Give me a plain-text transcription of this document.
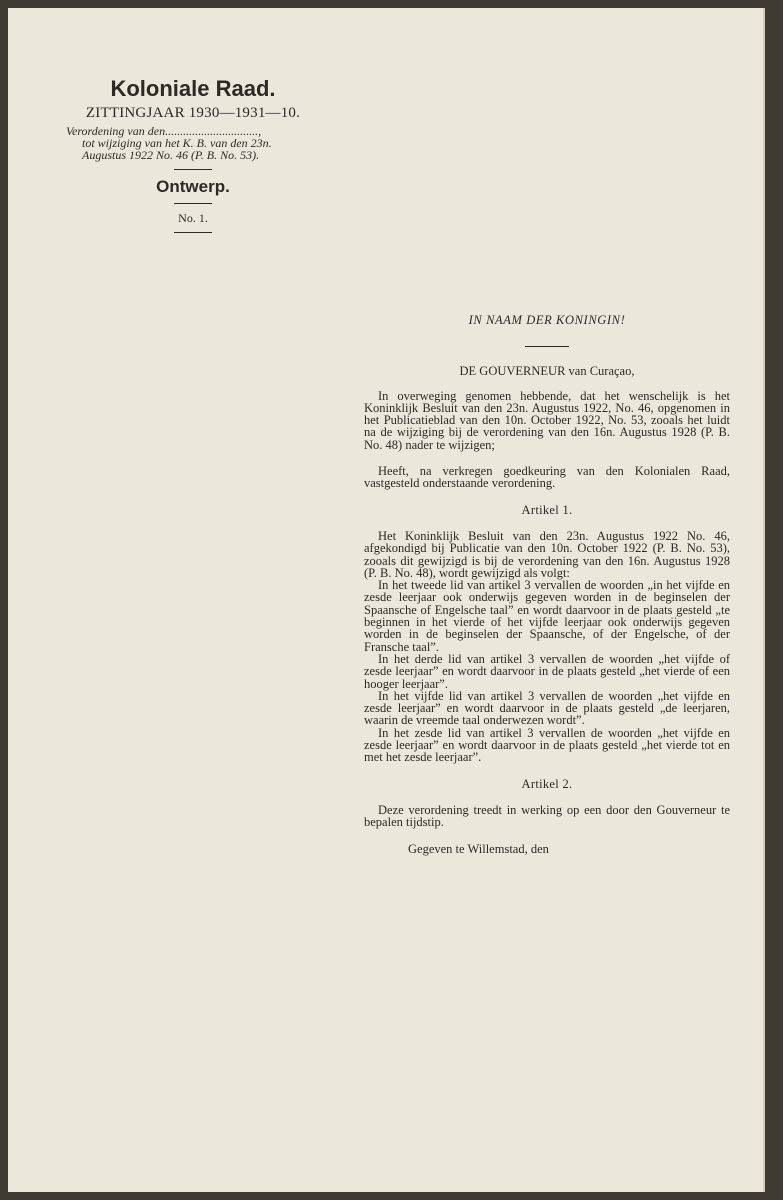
Koloniale Raad.
ZITTINGJAAR 1930—1931—10.
Verordening van den...............................,
tot wijziging van het K. B. van den 23n.
Augustus 1922 No. 46 (P. B. No. 53).
Ontwerp.
No. 1.

IN NAAM DER KONINGIN!

DE GOUVERNEUR van Curaçao,

In overweging genomen hebbende, dat het wenschelijk is het Koninklijk Besluit van den 23n. Augustus 1922, No. 46, opgenomen in het Publicatieblad van den 10n. October 1922, No. 53, zooals het luidt na de wijziging bij de verordening van den 16n. Augustus 1928 (P. B. No. 48) nader te wijzigen;

Heeft, na verkregen goedkeuring van den Kolonialen Raad, vastgesteld onderstaande verordening.

Artikel 1.

Het Koninklijk Besluit van den 23n. Augustus 1922 No. 46, afgekondigd bij Publicatie van den 10n. October 1922 (P. B. No. 53), zooals dit gewijzigd is bij de verordening van den 16n. Augustus 1928 (P. B. No. 48), wordt gewijzigd als volgt:

In het tweede lid van artikel 3 vervallen de woorden „in het vijfde en zesde leerjaar ook onderwijs gegeven worden in de beginselen der Spaansche of Engelsche taal” en wordt daarvoor in de plaats gesteld „te beginnen in het vierde of het vijfde leerjaar ook onderwijs gegeven worden in de beginselen der Spaansche, of der Engelsche, of der Fransche taal”.

In het derde lid van artikel 3 vervallen de woorden „het vijfde of zesde leerjaar” en wordt daarvoor in de plaats gesteld „het vierde of een hooger leerjaar”.

In het vijfde lid van artikel 3 vervallen de woorden „het vijfde en zesde leerjaar” en wordt daarvoor in de plaats gesteld „de leerjaren, waarin de vreemde taal onderwezen wordt”.

In het zesde lid van artikel 3 vervallen de woorden „het vijfde en zesde leerjaar” en wordt daarvoor in de plaats gesteld „het vierde tot en met het zesde leerjaar”.

Artikel 2.

Deze verordening treedt in werking op een door den Gouverneur te bepalen tijdstip.

Gegeven te Willemstad, den
